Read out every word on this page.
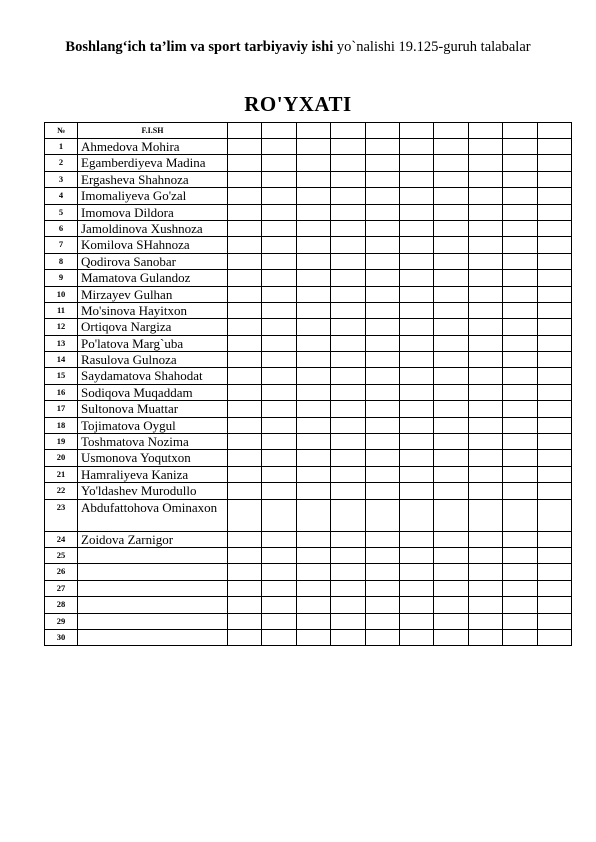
Boshlang‘ich ta’lim va sport tarbiyaviy ishi yo`nalishi 19.125-guruh talabalar
RO'YXATI
№	F.I.SH										
1	Ahmedova Mohira										
2	Egamberdiyeva Madina										
3	Ergasheva Shahnoza										
4	Imomaliyeva Go'zal										
5	Imomova Dildora										
6	Jamoldinova Xushnoza										
7	Komilova SHahnoza										
8	Qodirova Sanobar										
9	Mamatova Gulandoz										
10	Mirzayev Gulhan										
11	Mo'sinova Hayitxon										
12	Ortiqova Nargiza										
13	Po'latova Marg`uba										
14	Rasulova Gulnoza										
15	Saydamatova Shahodat										
16	Sodiqova Muqaddam										
17	Sultonova Muattar										
18	Tojimatova Oygul										
19	Toshmatova Nozima										
20	Usmonova Yoqutxon										
21	Hamraliyeva Kaniza										
22	Yo'ldashev Murodullo										
23	Abdufattohova Ominaxon										
24	Zoidova Zarnigor										
25											
26											
27											
28											
29											
30											
